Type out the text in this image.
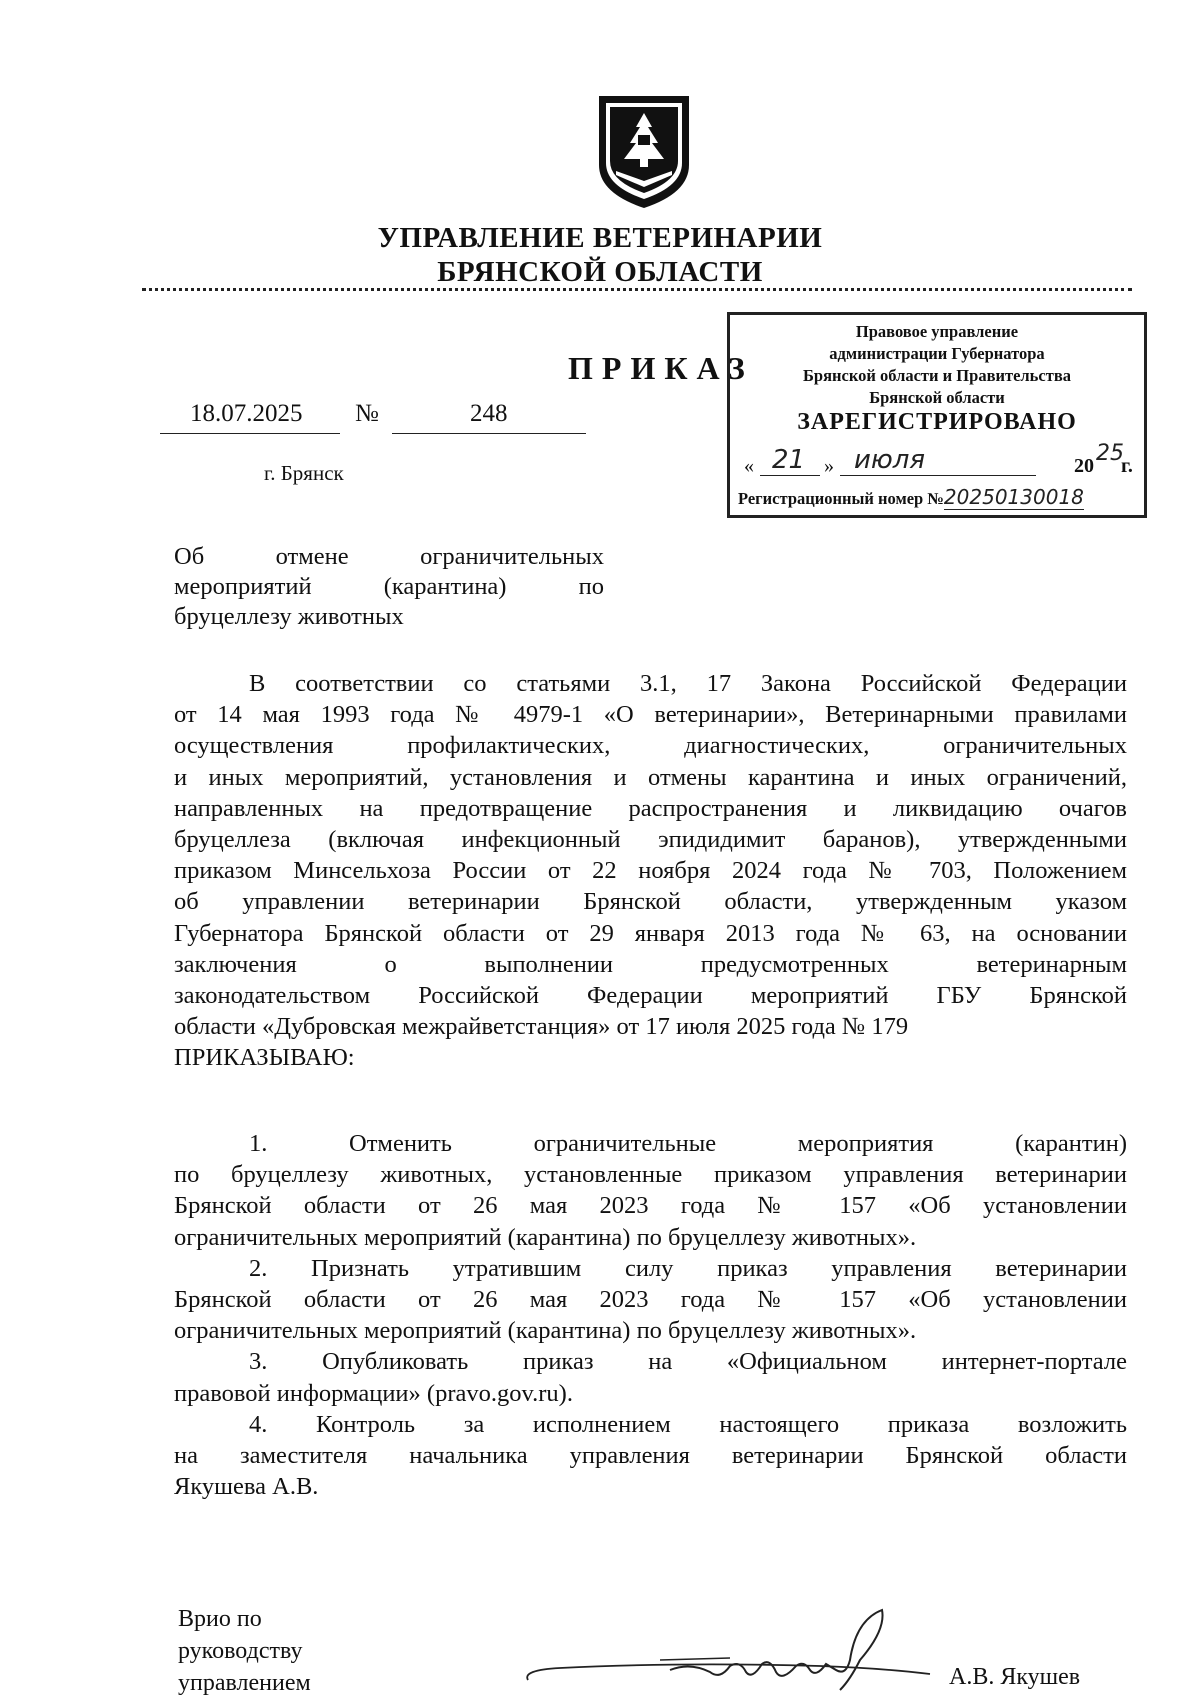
УПРАВЛЕНИЕ ВЕТЕРИНАРИИ
БРЯНСКОЙ ОБЛАСТИ
ПРИКАЗ
18.07.2025 №	248
г. Брянск
Правовое управление
администрации Губернатора
Брянской области и Правительства
Брянской области
ЗАРЕГИСТРИРОВАНО
« 21 » июля	20 25
г.
Регистрационный номер №20250130018
Об отмене ограничительных
мероприятий (карантина) по
бруцеллезу животных
В соответствии со статьями 3.1, 17 Закона Российской Федерации
от 14 мая 1993 года № 4979-1 «О ветеринарии», Ветеринарными правилами
осуществления профилактических, диагностических, ограничительных
и иных мероприятий, установления и отмены карантина и иных ограничений,
направленных на предотвращение распространения и ликвидацию очагов
бруцеллеза (включая инфекционный эпидидимит баранов), утвержденными
приказом Минсельхоза России от 22 ноября 2024 года № 703, Положением
об управлении ветеринарии Брянской области, утвержденным указом
Губернатора Брянской области от 29 января 2013 года № 63, на основании
заключения о выполнении предусмотренных ветеринарным
законодательством Российской Федерации мероприятий ГБУ Брянской
области «Дубровская межрайветстанция» от 17 июля 2025 года № 179
ПРИКАЗЫВАЮ:
1. Отменить ограничительные мероприятия (карантин)
по бруцеллезу животных, установленные приказом управления ветеринарии
Брянской области от 26 мая 2023 года № 157 «Об установлении
ограничительных мероприятий (карантина) по бруцеллезу животных».
2. Признать утратившим силу приказ управления ветеринарии
Брянской области от 26 мая 2023 года № 157 «Об установлении
ограничительных мероприятий (карантина) по бруцеллезу животных».
3. Опубликовать приказ на «Официальном интернет-портале
правовой информации» (pravo.gov.ru).
4. Контроль за исполнением настоящего приказа возложить
на заместителя начальника управления ветеринарии Брянской области
Якушева А.В.
Врио по
руководству
управлением	А.В. Якушев
